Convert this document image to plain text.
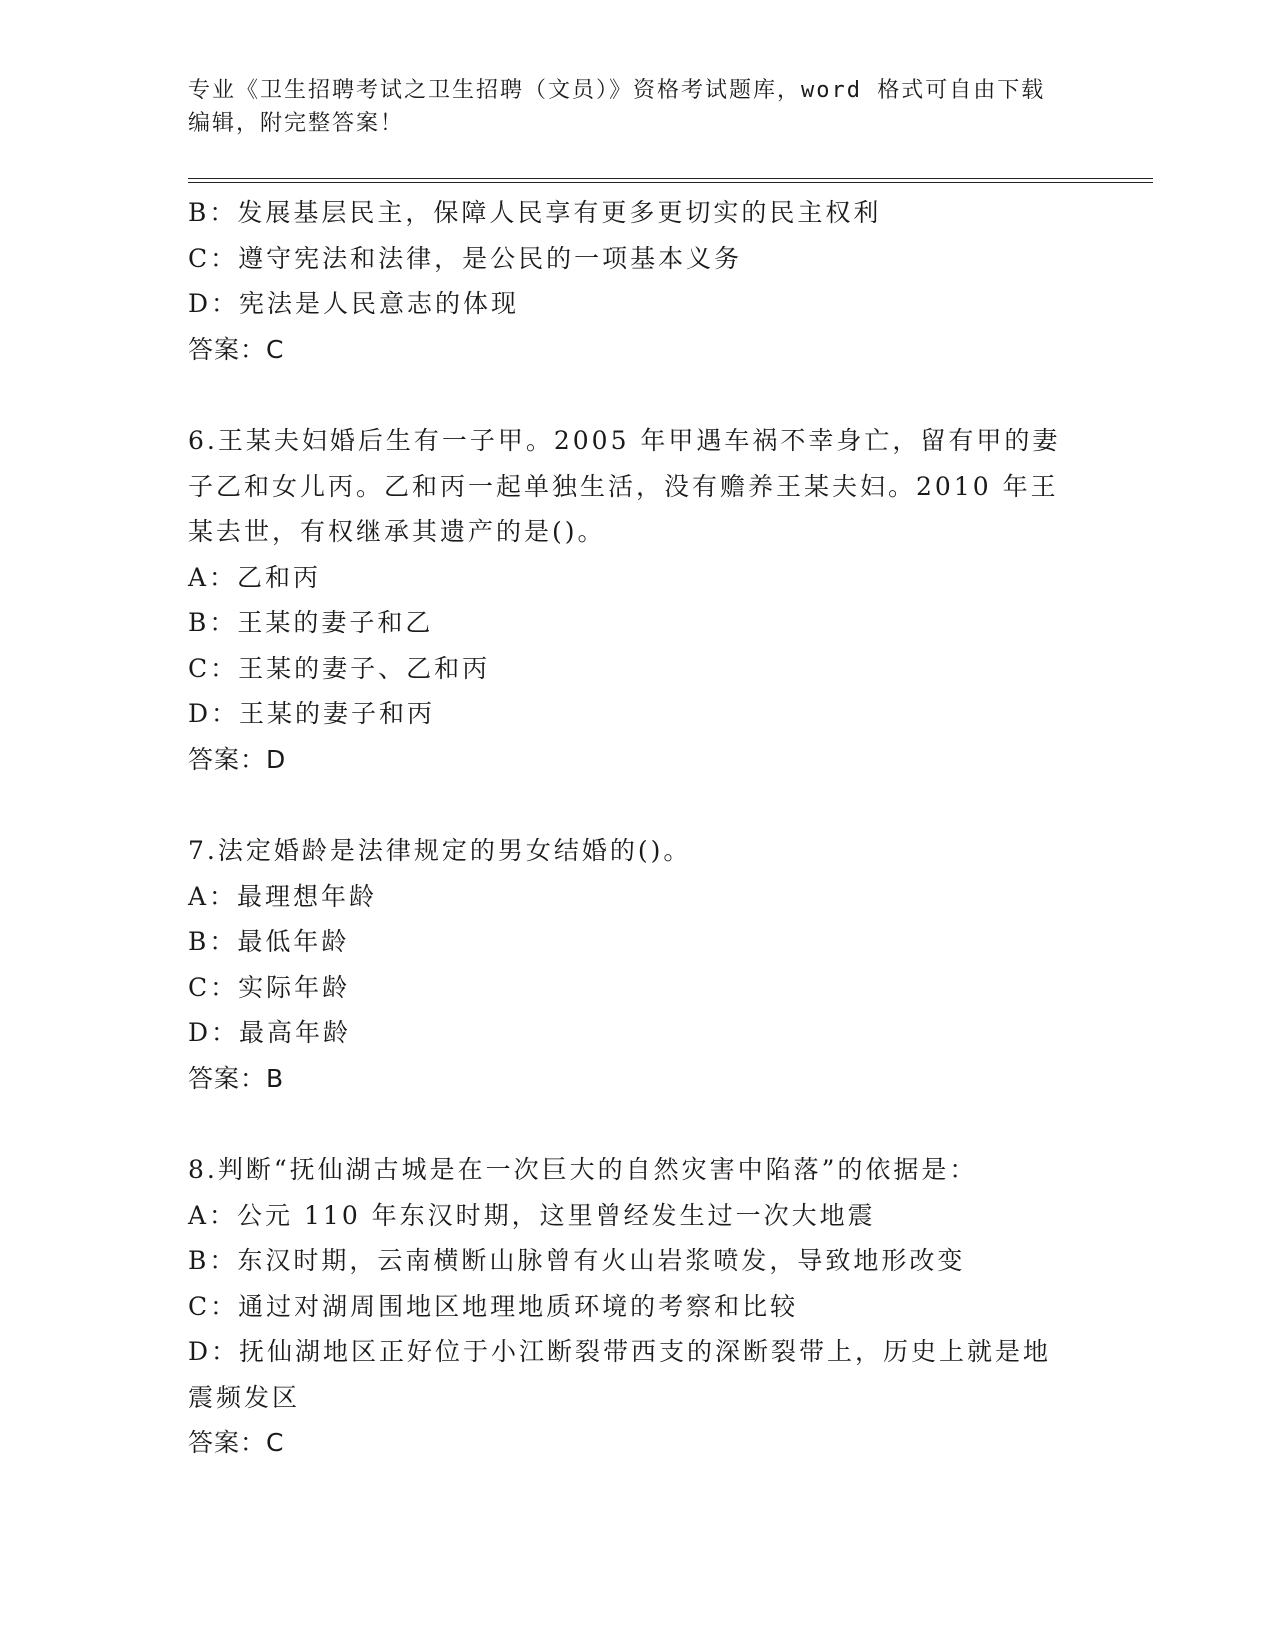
专业《卫生招聘考试之卫生招聘（文员）》资格考试题库，word 格式可自由下载
编辑，附完整答案！
B：发展基层民主，保障人民享有更多更切实的民主权利
C：遵守宪法和法律，是公民的一项基本义务
D：宪法是人民意志的体现
答案：C
6.王某夫妇婚后生有一子甲。2005 年甲遇车祸不幸身亡，留有甲的妻
子乙和女儿丙。乙和丙一起单独生活，没有赡养王某夫妇。2010 年王
某去世，有权继承其遗产的是()。
A：乙和丙
B：王某的妻子和乙
C：王某的妻子、乙和丙
D：王某的妻子和丙
答案：D
7.法定婚龄是法律规定的男女结婚的()。
A：最理想年龄
B：最低年龄
C：实际年龄
D：最高年龄
答案：B
8.判断“抚仙湖古城是在一次巨大的自然灾害中陷落”的依据是：
A：公元 110 年东汉时期，这里曾经发生过一次大地震
B：东汉时期，云南横断山脉曾有火山岩浆喷发，导致地形改变
C：通过对湖周围地区地理地质环境的考察和比较
D：抚仙湖地区正好位于小江断裂带西支的深断裂带上，历史上就是地
震频发区
答案：C
